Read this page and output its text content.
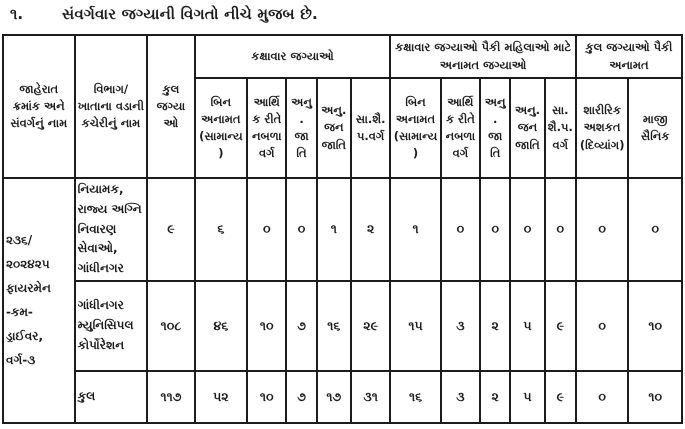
૧.	સંવર્ગવાર જગ્યાની વિગતો નીચે મુજબ છે.
જાહેરાત ક્રમાંક અને સંવર્ગનું નામ	વિભાગ/ ખાતાના વડાની કચેરીનું નામ	કુલ જગ્યાઓ	કક્ષાવાર જગ્યાઓ					કક્ષાવાર જગ્યાઓ પૈકી મહિલાઓ માટે અનામત જગ્યાઓ					કુલ જગ્યાઓ પૈકી અનામત	
			બિન અનામત (સામાન્ય)	આર્થિક રીતે નબળા વર્ગ	અનુ. જાતિ	અનુ. જન જાતિ	સા.શૈ. પ.વર્ગ	બિન અનામત (સામાન્ય)	આર્થિક રીતે નબળા વર્ગ	અનુ. જાતિ	અનુ. જન જાતિ	સા. શૈ.પ. વર્ગ	શારીરિક અશકત (દિવ્યાંગ)	માજી સૈનિક
૨૩૬/ ૨૦૨૪૨૫ ફાયરમેન -કમ- ડ્રાઈવર, વર્ગ-૩	નિયામક, રાજ્ય અગ્નિ નિવારણ સેવાઓ, ગાંધીનગર	૯	૬	૦	૦	૧	૨	૧	૦	૦	૦	૦	૦	૦
	ગાંધીનગર મ્યુનિસિપલ કોર્પોરેશન	૧૦૮	૪૬	૧૦	૭	૧૬	૨૯	૧૫	૩	૨	૫	૯	૦	૧૦
	કુલ	૧૧૭	૫૨	૧૦	૭	૧૭	૩૧	૧૬	૩	૨	૫	૯	૦	૧૦
